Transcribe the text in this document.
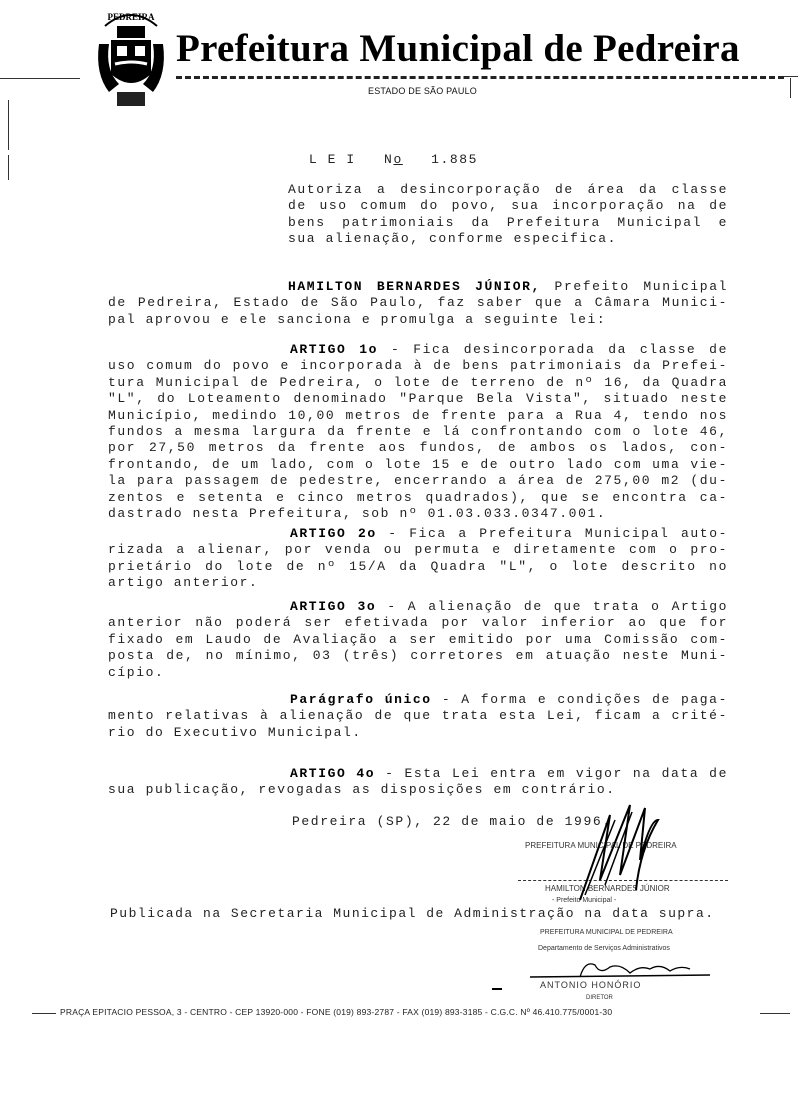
PEDREIRA
Prefeitura Municipal de Pedreira
ESTADO DE SÃO PAULO

L E I   No 1.885

Autoriza a desincorporação de área da classe
de uso comum do povo, sua incorporação na de
bens patrimoniais da Prefeitura Municipal e
sua alienação, conforme especifica.
HAMILTON BERNARDES JÚNIOR, Prefeito Municipal
de Pedreira, Estado de São Paulo, faz saber que a Câmara Munici-
pal aprovou e ele sanciona e promulga a seguinte lei:
ARTIGO 1o - Fica desincorporada da classe de
uso comum do povo e incorporada à de bens patrimoniais da Prefei-
tura Municipal de Pedreira, o lote de terreno de nº 16, da Quadra
"L", do Loteamento denominado "Parque Bela Vista", situado neste
Município, medindo 10,00 metros de frente para a Rua 4, tendo nos
fundos a mesma largura da frente e lá confrontando com o lote 46,
por 27,50 metros da frente aos fundos, de ambos os lados, con-
frontando, de um lado, com o lote 15 e de outro lado com uma vie-
la para passagem de pedestre, encerrando a área de 275,00 m2 (du-
zentos e setenta e cinco metros quadrados), que se encontra ca-
dastrado nesta Prefeitura, sob nº 01.03.033.0347.001.
ARTIGO 2o - Fica a Prefeitura Municipal auto-
rizada a alienar, por venda ou permuta e diretamente com o pro-
prietário do lote de nº 15/A da Quadra "L", o lote descrito no
artigo anterior.
ARTIGO 3o - A alienação de que trata o Artigo
anterior não poderá ser efetivada por valor inferior ao que for
fixado em Laudo de Avaliação a ser emitido por uma Comissão com-
posta de, no mínimo, 03 (três) corretores em atuação neste Muni-
cípio.
Parágrafo único - A forma e condições de paga-
mento relativas à alienação de que trata esta Lei, ficam a crité-
rio do Executivo Municipal.
ARTIGO 4o - Esta Lei entra em vigor na data de
sua publicação, revogadas as disposições em contrário.
Pedreira (SP), 22 de maio de 1996.
PREFEITURA MUNICIPAL DE PEDREIRA
HAMILTON BERNARDES JÚNIOR
- Prefeito Municipal -
Publicada na Secretaria Municipal de Administração na data supra.
PREFEITURA MUNICIPAL DE PEDREIRA
Departamento de Serviços Administrativos
ANTONIO HONÓRIO
DIRETOR
PRAÇA EPITACIO PESSOA, 3 - CENTRO - CEP 13920-000 - FONE (019) 893-2787 - FAX (019) 893-3185 - C.G.C. Nº 46.410.775/0001-30
